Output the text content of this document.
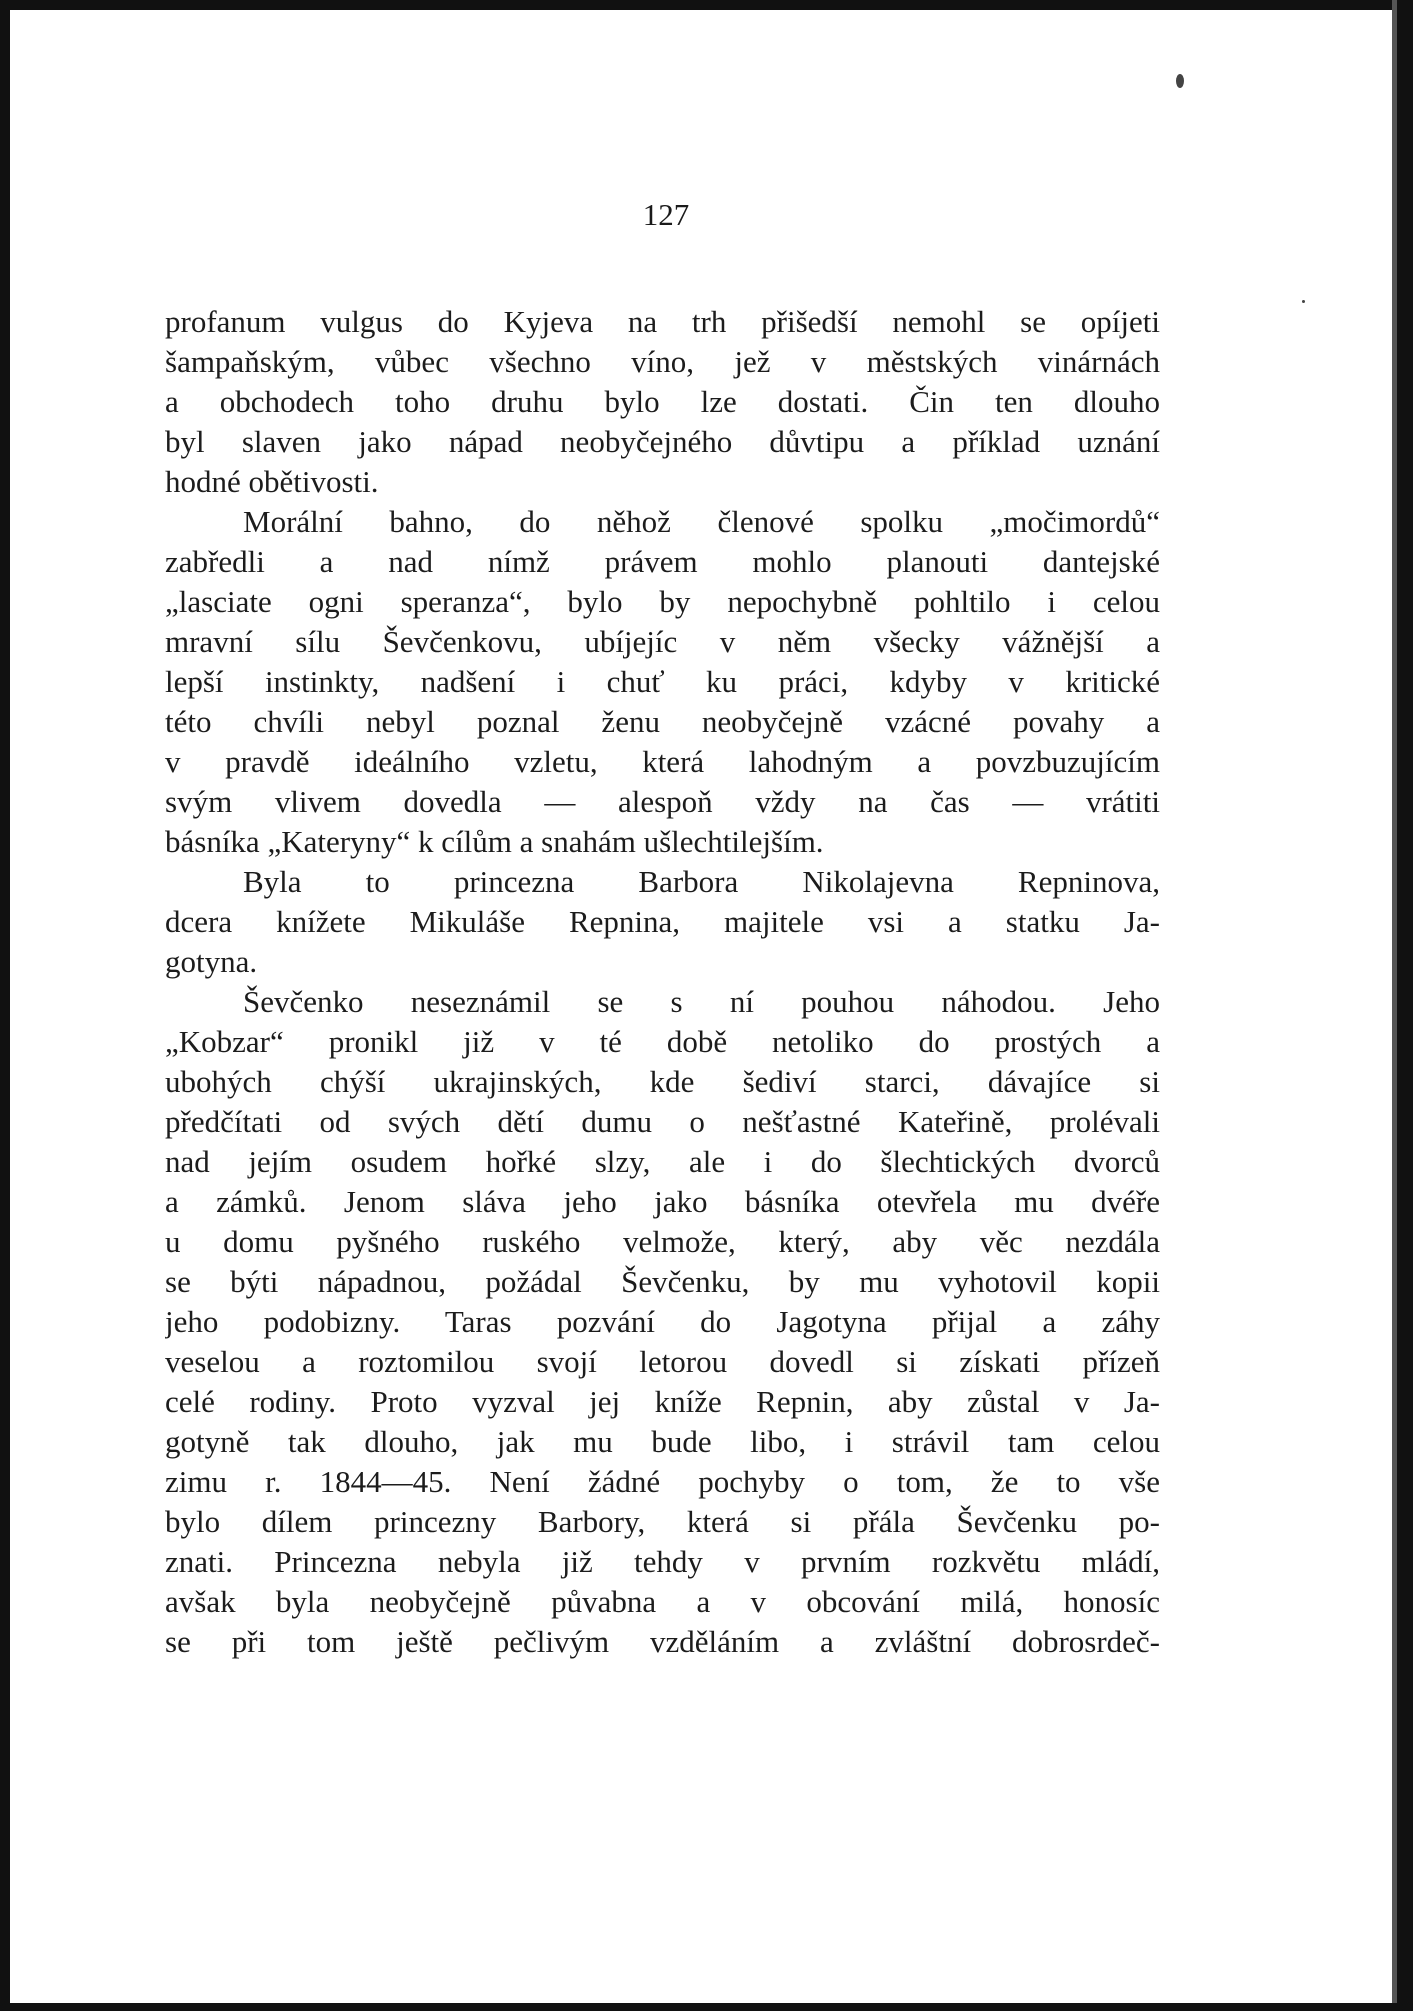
127
profanum vulgus do Kyjeva na trh přišedší nemohl se opíjeti
šampaňským, vůbec všechno víno, jež v městských vinárnách
a obchodech toho druhu bylo lze dostati. Čin ten dlouho
byl slaven jako nápad neobyčejného důvtipu a příklad uznání
hodné obětivosti.
Morální bahno, do něhož členové spolku „močimordů“
zabředli a nad nímž právem mohlo planouti dantejské
„lasciate ogni speranza“, bylo by nepochybně pohltilo i celou
mravní sílu Ševčenkovu, ubíjejíc v něm všecky vážnější a
lepší instinkty, nadšení i chuť ku práci, kdyby v kritické
této chvíli nebyl poznal ženu neobyčejně vzácné povahy a
v pravdě ideálního vzletu, která lahodným a povzbuzujícím
svým vlivem dovedla — alespoň vždy na čas — vrátiti
básníka „Kateryny“ k cílům a snahám ušlechtilejším.
Byla to princezna Barbora Nikolajevna Repninova,
dcera knížete Mikuláše Repnina, majitele vsi a statku Ja-
gotyna.
Ševčenko neseznámil se s ní pouhou náhodou. Jeho
„Kobzar“ pronikl již v té době netoliko do prostých a
ubohých chýší ukrajinských, kde šediví starci, dávajíce si
předčítati od svých dětí dumu o nešťastné Kateřině, prolévali
nad jejím osudem hořké slzy, ale i do šlechtických dvorců
a zámků. Jenom sláva jeho jako básníka otevřela mu dvéře
u domu pyšného ruského velmože, který, aby věc nezdála
se býti nápadnou, požádal Ševčenku, by mu vyhotovil kopii
jeho podobizny. Taras pozvání do Jagotyna přijal a záhy
veselou a roztomilou svojí letorou dovedl si získati přízeň
celé rodiny. Proto vyzval jej kníže Repnin, aby zůstal v Ja-
gotyně tak dlouho, jak mu bude libo, i strávil tam celou
zimu r. 1844—45. Není žádné pochyby o tom, že to vše
bylo dílem princezny Barbory, která si přála Ševčenku po-
znati. Princezna nebyla již tehdy v prvním rozkvětu mládí,
avšak byla neobyčejně půvabna a v obcování milá, honosíc
se při tom ještě pečlivým vzděláním a zvláštní dobrosrdeč-
